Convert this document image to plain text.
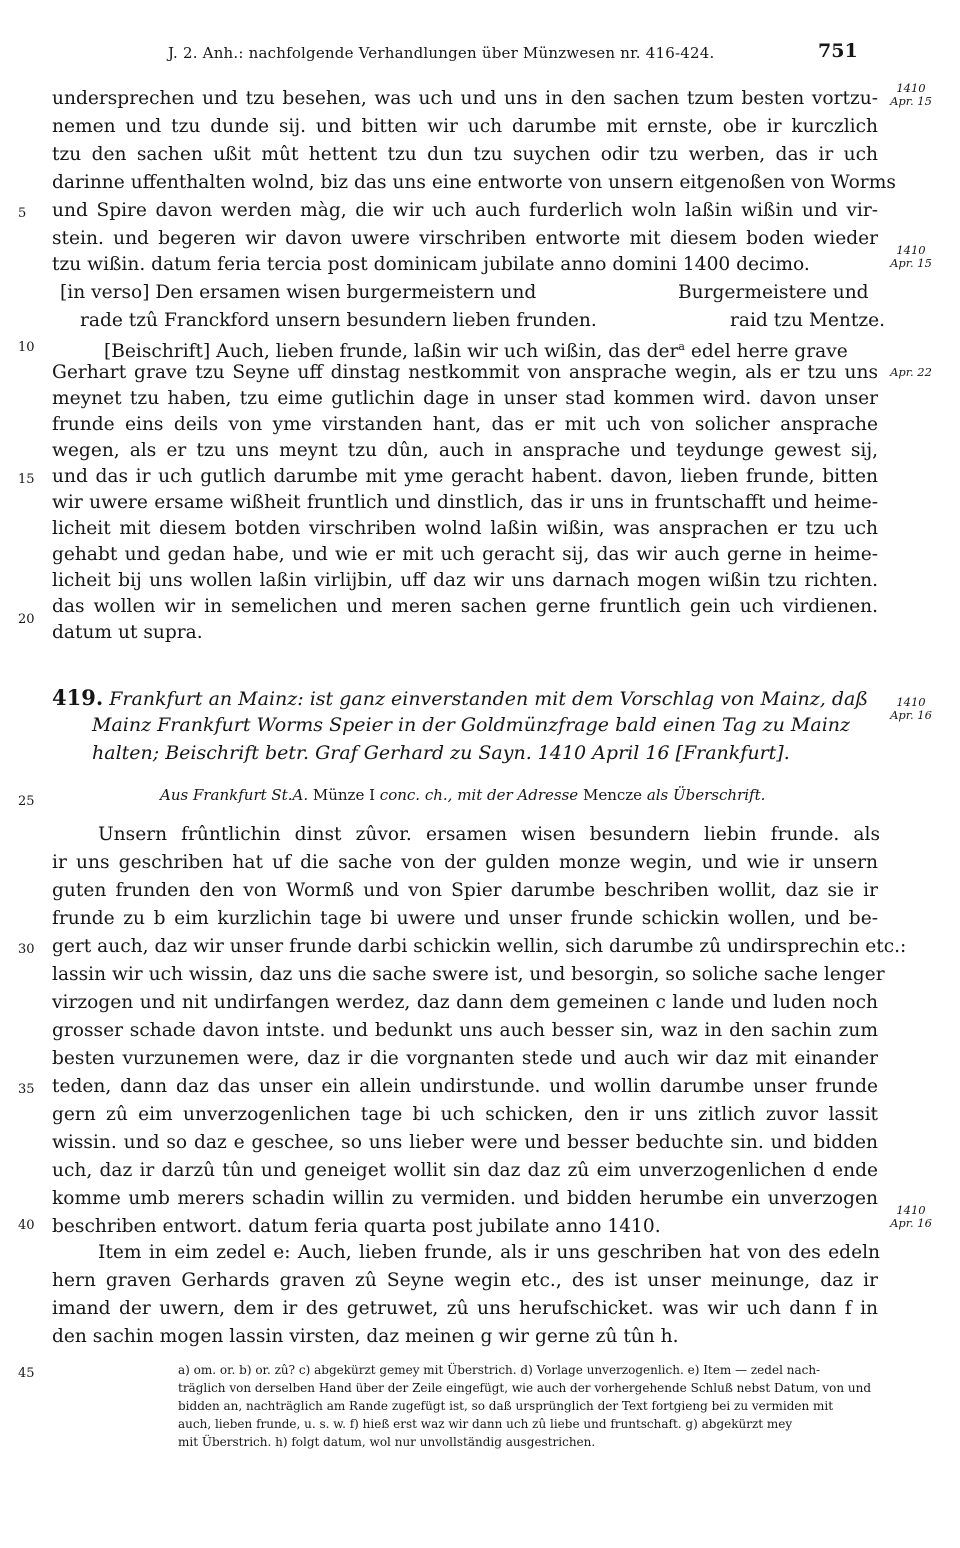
J. 2. Anh.: nachfolgende Verhandlungen über Münzwesen nr. 416-424.	751
undersprechen und tzu besehen, was uch und uns in den sachen tzum besten vortzu-
nemen und tzu dunde sij. und bitten wir uch darumbe mit ernste, obe ir kurczlich
tzu den sachen ußit mût hettent tzu dun tzu suychen odir tzu werben, das ir uch
darinne uffenthalten wolnd, biz das uns eine entworte von unsern eitgenoßen von Worms
und Spire davon werden màg, die wir uch auch furderlich woln laßin wißin und vir-
stein. und begeren wir davon uwere virschriben entworte mit diesem boden wieder
tzu wißin. datum feria tercia post dominicam jubilate anno domini 1400 decimo.
[in verso] Den ersamen wisen burgermeistern und
rade tzû Franckford unsern besundern lieben frunden.
Burgermeistere und
raid tzu Mentze.
[Beischrift] Auch, lieben frunde, laßin wir uch wißin, das der$^a$ edel herre grave
Gerhart grave tzu Seyne uff dinstag nestkommit von ansprache wegin, als er tzu uns
meynet tzu haben, tzu eime gutlichin dage in unser stad kommen wird. davon unser
frunde eins deils von yme virstanden hant, das er mit uch von solicher ansprache
wegen, als er tzu uns meynt tzu dûn, auch in ansprache und teydunge gewest sij,
und das ir uch gutlich darumbe mit yme geracht habent. davon, lieben frunde, bitten
wir uwere ersame wißheit fruntlich und dinstlich, das ir uns in fruntschafft und heime-
licheit mit diesem botden virschriben wolnd laßin wißin, was ansprachen er tzu uch
gehabt und gedan habe, und wie er mit uch geracht sij, das wir auch gerne in heime-
licheit bij uns wollen laßin virlijbin, uff daz wir uns darnach mogen wißin tzu richten.
das wollen wir in semelichen und meren sachen gerne fruntlich gein uch virdienen.
datum ut supra.
419. Frankfurt an Mainz: ist ganz einverstanden mit dem Vorschlag von Mainz, daß
Mainz Frankfurt Worms Speier in der Goldmünzfrage bald einen Tag zu Mainz
halten; Beischrift betr. Graf Gerhard zu Sayn. 1410 April 16 [Frankfurt].
Aus Frankfurt St.A. Münze I conc. ch., mit der Adresse Mencze als Überschrift.
Unsern frûntlichin dinst zûvor. ersamen wisen besundern liebin frunde. als
ir uns geschriben hat uf die sache von der gulden monze wegin, und wie ir unsern
guten frunden den von Wormß und von Spier darumbe beschriben wollit, daz sie ir
frunde zu b eim kurzlichin tage bi uwere und unser frunde schickin wollen, und be-
gert auch, daz wir unser frunde darbi schickin wellin, sich darumbe zû undirsprechin etc.:
lassin wir uch wissin, daz uns die sache swere ist, und besorgin, so soliche sache lenger
virzogen und nit undirfangen werdez, daz dann dem gemeinen c lande und luden noch
grosser schade davon intste. und bedunkt uns auch besser sin, waz in den sachin zum
besten vurzunemen were, daz ir die vorgnanten stede und auch wir daz mit einander
teden, dann daz das unser ein allein undirstunde. und wollin darumbe unser frunde
gern zû eim unverzogenlichen tage bi uch schicken, den ir uns zitlich zuvor lassit
wissin. und so daz e geschee, so uns lieber were und besser beduchte sin. und bidden
uch, daz ir darzû tûn und geneiget wollit sin daz daz zû eim unverzogenlichen d ende
komme umb merers schadin willin zu vermiden. und bidden herumbe ein unverzogen
beschriben entwort. datum feria quarta post jubilate anno 1410.
Item in eim zedel e: Auch, lieben frunde, als ir uns geschriben hat von des edeln
hern graven Gerhards graven zû Seyne wegin etc., des ist unser meinunge, daz ir
imand der uwern, dem ir des getruwet, zû uns herufschicket. was wir uch dann f in
den sachin mogen lassin virsten, daz meinen g wir gerne zû tûn h.
a) om. or. b) or. zû? c) abgekürzt gemey mit Überstrich. d) Vorlage unverzogenlich. e) Item — zedel nach-
träglich von derselben Hand über der Zeile eingefügt, wie auch der vorhergehende Schluß nebst Datum, von und
bidden an, nachträglich am Rande zugefügt ist, so daß ursprünglich der Text fortgieng bei zu vermiden mit
auch, lieben frunde, u. s. w. f) hieß erst waz wir dann uch zû liebe und fruntschaft. g) abgekürzt mey
mit Überstrich. h) folgt datum, wol nur unvollständig ausgestrichen.
5
10
15
20
25
30
35
40
45
1410
Apr. 15
1410
Apr. 15
Apr. 22
1410
Apr. 16
1410
Apr. 16
